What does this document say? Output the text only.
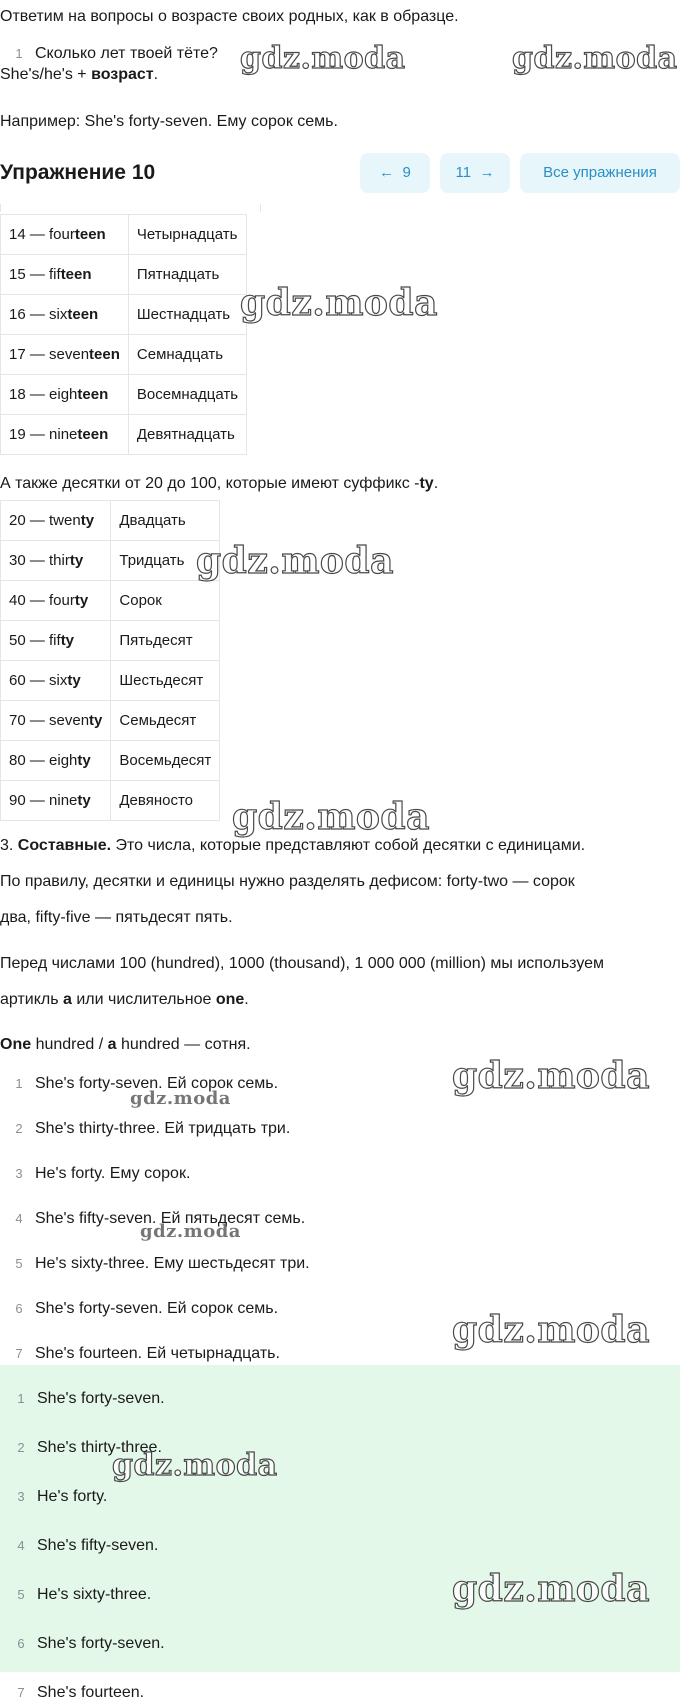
Ответим на вопросы о возрасте своих родных, как в образце.
1 Сколько лет твоей тёте?
She's/he's + возраст.
Например: She's forty-seven. Ему сорок семь.
Упражнение 10	← 9	11 →	Все упражнения
14 — fourteen	Четырнадцать
15 — fifteen	Пятнадцать
16 — sixteen	Шестнадцать
17 — seventeen	Семнадцать
18 — eighteen	Восемнадцать
19 — nineteen	Девятнадцать
А также десятки от 20 до 100, которые имеют суффикс -ty.
20 — twenty	Двадцать
30 — thirty	Тридцать
40 — fourty	Сорок
50 — fifty	Пятьдесят
60 — sixty	Шестьдесят
70 — seventy	Семьдесят
80 — eighty	Восемьдесят
90 — ninety	Девяносто
3. Составные. Это числа, которые представляют собой десятки с единицами.
По правилу, десятки и единицы нужно разделять дефисом: forty-two — сорок
два, fifty-five — пятьдесят пять.
Перед числами 100 (hundred), 1000 (thousand), 1 000 000 (million) мы используем
артикль a или числительное one.
One hundred / a hundred — сотня.
1 She's forty-seven. Ей сорок семь.
2 She's thirty-three. Ей тридцать три.
3 He's forty. Ему сорок.
4 She's fifty-seven. Ей пятьдесят семь.
5 He's sixty-three. Ему шестьдесят три.
6 She's forty-seven. Ей сорок семь.
7 She's fourteen. Ей четырнадцать.
1 She's forty-seven.
2 She's thirty-three.
3 He's forty.
4 She's fifty-seven.
5 He's sixty-three.
6 She's forty-seven.
7 She's fourteen.
gdz.moda
gdz.moda
gdz.moda
gdz.moda
gdz.moda
gdz.moda
gdz.moda	gdz.moda
gdz.moda
gdz.moda
gdz.moda
